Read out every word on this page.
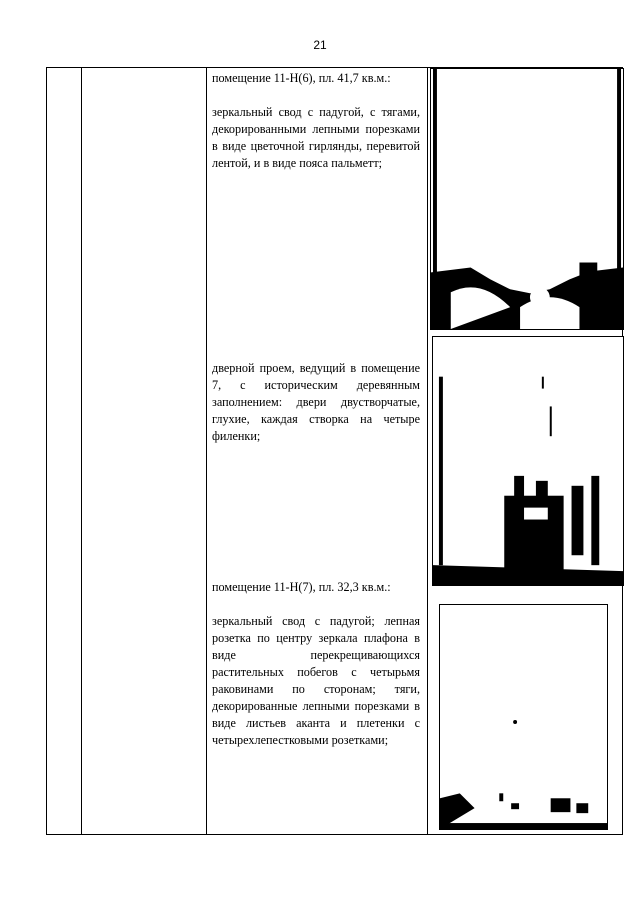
21

помещение 11-Н(6), пл. 41,7 кв.м.:

зеркальный свод с падугой, с тягами, декорированными лепными порезками в виде цветочной гирлянды, перевитой лентой, и в виде пояса пальметт;

дверной проем, ведущий в помещение 7, с историческим деревянным заполнением: двери двустворчатые, глухие, каждая створка на четыре филенки;

помещение 11-Н(7), пл. 32,3 кв.м.:

зеркальный свод с падугой; лепная розетка по центру зеркала плафона в виде перекрещивающихся растительных побегов с четырьмя раковинами по сторонам; тяги, декорированные лепными порезками в виде листьев аканта и плетенки с четырехлепестковыми розетками;
